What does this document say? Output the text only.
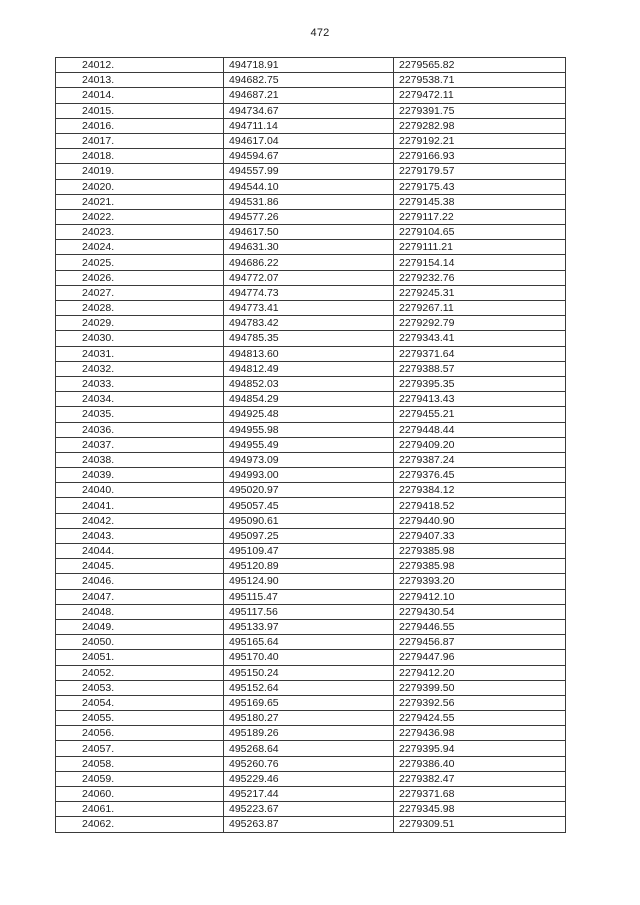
472
24012.	494718.91	2279565.82
24013.	494682.75	2279538.71
24014.	494687.21	2279472.11
24015.	494734.67	2279391.75
24016.	494711.14	2279282.98
24017.	494617.04	2279192.21
24018.	494594.67	2279166.93
24019.	494557.99	2279179.57
24020.	494544.10	2279175.43
24021.	494531.86	2279145.38
24022.	494577.26	2279117.22
24023.	494617.50	2279104.65
24024.	494631.30	2279111.21
24025.	494686.22	2279154.14
24026.	494772.07	2279232.76
24027.	494774.73	2279245.31
24028.	494773.41	2279267.11
24029.	494783.42	2279292.79
24030.	494785.35	2279343.41
24031.	494813.60	2279371.64
24032.	494812.49	2279388.57
24033.	494852.03	2279395.35
24034.	494854.29	2279413.43
24035.	494925.48	2279455.21
24036.	494955.98	2279448.44
24037.	494955.49	2279409.20
24038.	494973.09	2279387.24
24039.	494993.00	2279376.45
24040.	495020.97	2279384.12
24041.	495057.45	2279418.52
24042.	495090.61	2279440.90
24043.	495097.25	2279407.33
24044.	495109.47	2279385.98
24045.	495120.89	2279385.98
24046.	495124.90	2279393.20
24047.	495115.47	2279412.10
24048.	495117.56	2279430.54
24049.	495133.97	2279446.55
24050.	495165.64	2279456.87
24051.	495170.40	2279447.96
24052.	495150.24	2279412.20
24053.	495152.64	2279399.50
24054.	495169.65	2279392.56
24055.	495180.27	2279424.55
24056.	495189.26	2279436.98
24057.	495268.64	2279395.94
24058.	495260.76	2279386.40
24059.	495229.46	2279382.47
24060.	495217.44	2279371.68
24061.	495223.67	2279345.98
24062.	495263.87	2279309.51
